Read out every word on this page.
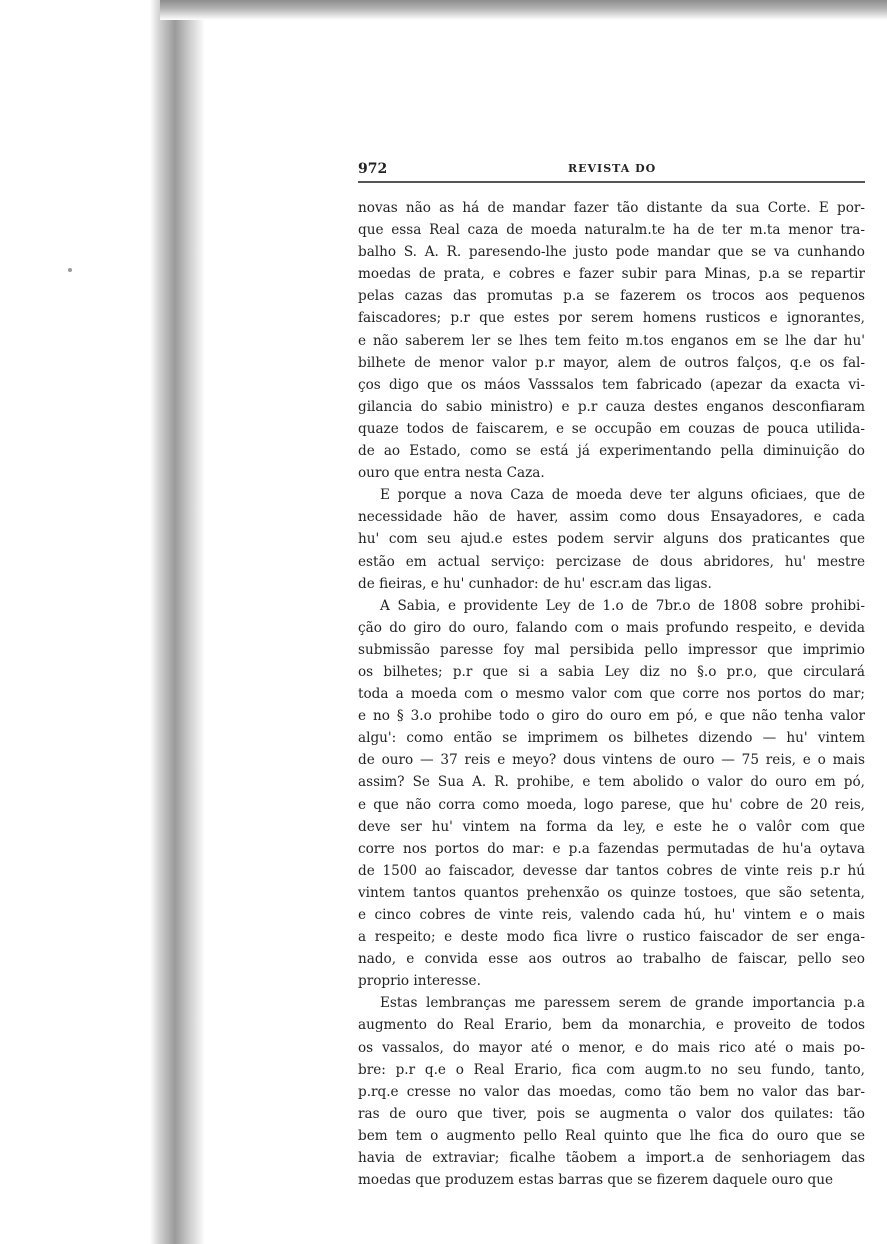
972	REVISTA DO

novas não as há de mandar fazer tão distante da sua Corte. E por-
que essa Real caza de moeda naturalm.te ha de ter m.ta menor tra-
balho S. A. R. paresendo-lhe justo pode mandar que se va cunhando
moedas de prata, e cobres e fazer subir para Minas, p.a se repartir
pelas cazas das promutas p.a se fazerem os trocos aos pequenos
faiscadores; p.r que estes por serem homens rusticos e ignorantes,
e não saberem ler se lhes tem feito m.tos enganos em se lhe dar hu'
bilhete de menor valor p.r mayor, alem de outros falços, q.e os fal-
ços digo que os máos Vasssalos tem fabricado (apezar da exacta vi-
gilancia do sabio ministro) e p.r cauza destes enganos desconfiaram
quaze todos de faiscarem, e se occupão em couzas de pouca utilida-
de ao Estado, como se está já experimentando pella diminuição do
ouro que entra nesta Caza.

E porque a nova Caza de moeda deve ter alguns oficiaes, que de
necessidade hão de haver, assim como dous Ensayadores, e cada
hu' com seu ajud.e estes podem servir alguns dos praticantes que
estão em actual serviço: percizase de dous abridores, hu' mestre
de fieiras, e hu' cunhador: de hu' escr.am das ligas.

A Sabia, e providente Ley de 1.o de 7br.o de 1808 sobre prohibi-
ção do giro do ouro, falando com o mais profundo respeito, e devida
submissão paresse foy mal persibida pello impressor que imprimio
os bilhetes; p.r que si a sabia Ley diz no §.o pr.o, que circulará
toda a moeda com o mesmo valor com que corre nos portos do mar;
e no § 3.o prohibe todo o giro do ouro em pó, e que não tenha valor
algu': como então se imprimem os bilhetes dizendo — hu' vintem
de ouro — 37 reis e meyo? dous vintens de ouro — 75 reis, e o mais
assim? Se Sua A. R. prohibe, e tem abolido o valor do ouro em pó,
e que não corra como moeda, logo parese, que hu' cobre de 20 reis,
deve ser hu' vintem na forma da ley, e este he o valôr com que
corre nos portos do mar: e p.a fazendas permutadas de hu'a oytava
de 1500 ao faiscador, devesse dar tantos cobres de vinte reis p.r hú
vintem tantos quantos prehenxão os quinze tostoes, que são setenta,
e cinco cobres de vinte reis, valendo cada hú, hu' vintem e o mais
a respeito; e deste modo fica livre o rustico faiscador de ser enga-
nado, e convida esse aos outros ao trabalho de faiscar, pello seo
proprio interesse.

Estas lembranças me paressem serem de grande importancia p.a
augmento do Real Erario, bem da monarchia, e proveito de todos
os vassalos, do mayor até o menor, e do mais rico até o mais po-
bre: p.r q.e o Real Erario, fica com augm.to no seu fundo, tanto,
p.rq.e cresse no valor das moedas, como tão bem no valor das bar-
ras de ouro que tiver, pois se augmenta o valor dos quilates: tão
bem tem o augmento pello Real quinto que lhe fica do ouro que se
havia de extraviar; ficalhe tãobem a import.a de senhoriagem das
moedas que produzem estas barras que se fizerem daquele ouro que
